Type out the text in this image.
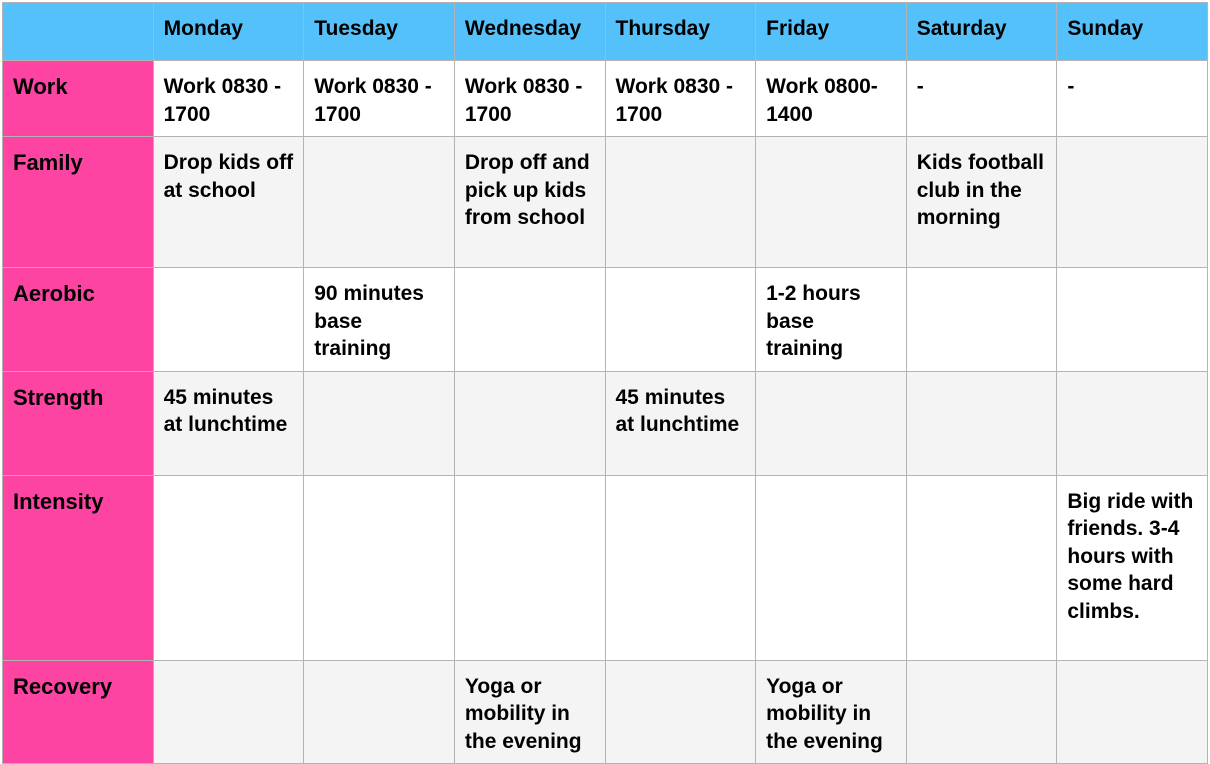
	Monday	Tuesday	Wednesday	Thursday	Friday	Saturday	Sunday
Work	Work 0830 - 1700	Work 0830 - 1700	Work 0830 - 1700	Work 0830 - 1700	Work 0800-1400	-	-
Family	Drop kids off at school		Drop off and pick up kids from school			Kids football club in the morning	
Aerobic		90 minutes base training			1-2 hours base training		
Strength	45 minutes at lunchtime			45 minutes at lunchtime			
Intensity							Big ride with friends. 3-4 hours with some hard climbs.
Recovery			Yoga or mobility in the evening		Yoga or mobility in the evening		
